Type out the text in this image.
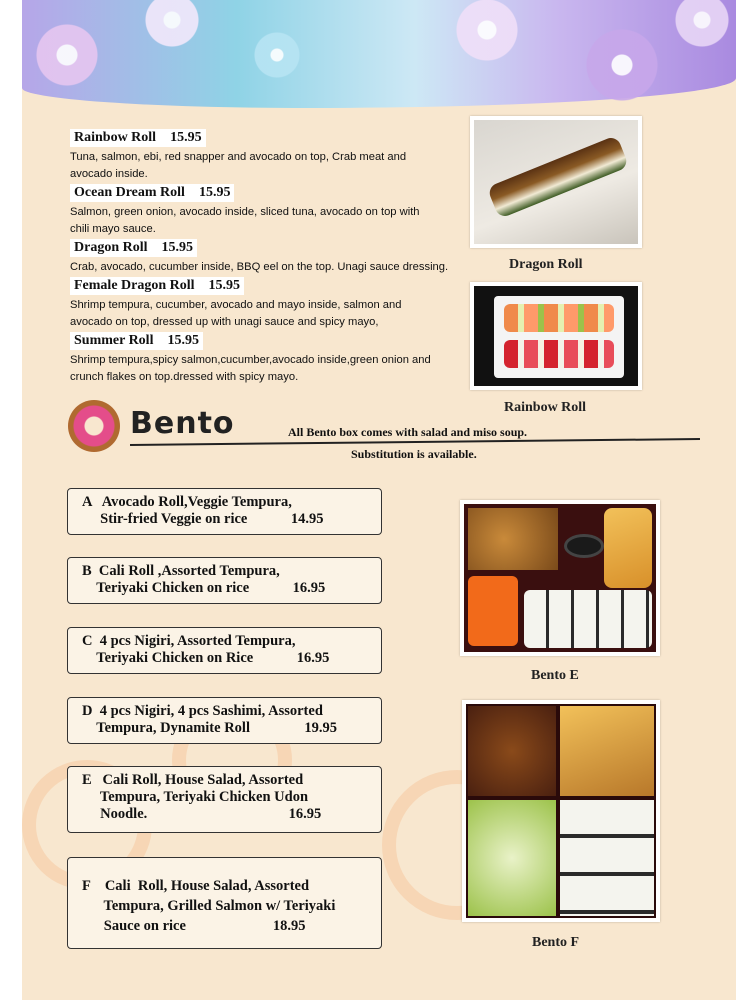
Rainbow Roll 15.95
Tuna, salmon, ebi, red snapper and avocado on top, Crab meat and
avocado inside.
Ocean Dream Roll 15.95
Salmon, green onion, avocado inside, sliced tuna, avocado on top with
chili mayo sauce.
Dragon Roll 15.95
Crab, avocado, cucumber inside, BBQ eel on the top. Unagi sauce dressing.
Female Dragon Roll 15.95
Shrimp tempura, cucumber, avocado and mayo inside, salmon and
avocado on top, dressed up with unagi sauce and spicy mayo,
Summer Roll 15.95
Shrimp tempura,spicy salmon,cucumber,avocado inside,green onion and
crunch flakes on top.dressed with spicy mayo.
Dragon Roll
Rainbow Roll
Bento	All Bento box comes with salad and miso soup.
Substitution is available.
A   Avocado Roll,Veggie Tempura,
Stir-fried Veggie on rice            14.95
B  Cali Roll ,Assorted Tempura,
Teriyaki Chicken on rice            16.95
C  4 pcs Nigiri, Assorted Tempura,
Teriyaki Chicken on Rice            16.95
D  4 pcs Nigiri, 4 pcs Sashimi, Assorted
Tempura, Dynamite Roll               19.95
E   Cali Roll, House Salad, Assorted
Tempura, Teriyaki Chicken Udon
Noodle.                                       16.95
F    Cali  Roll, House Salad, Assorted
Tempura, Grilled Salmon w/ Teriyaki
Sauce on rice                        18.95
Bento E
Bento F
